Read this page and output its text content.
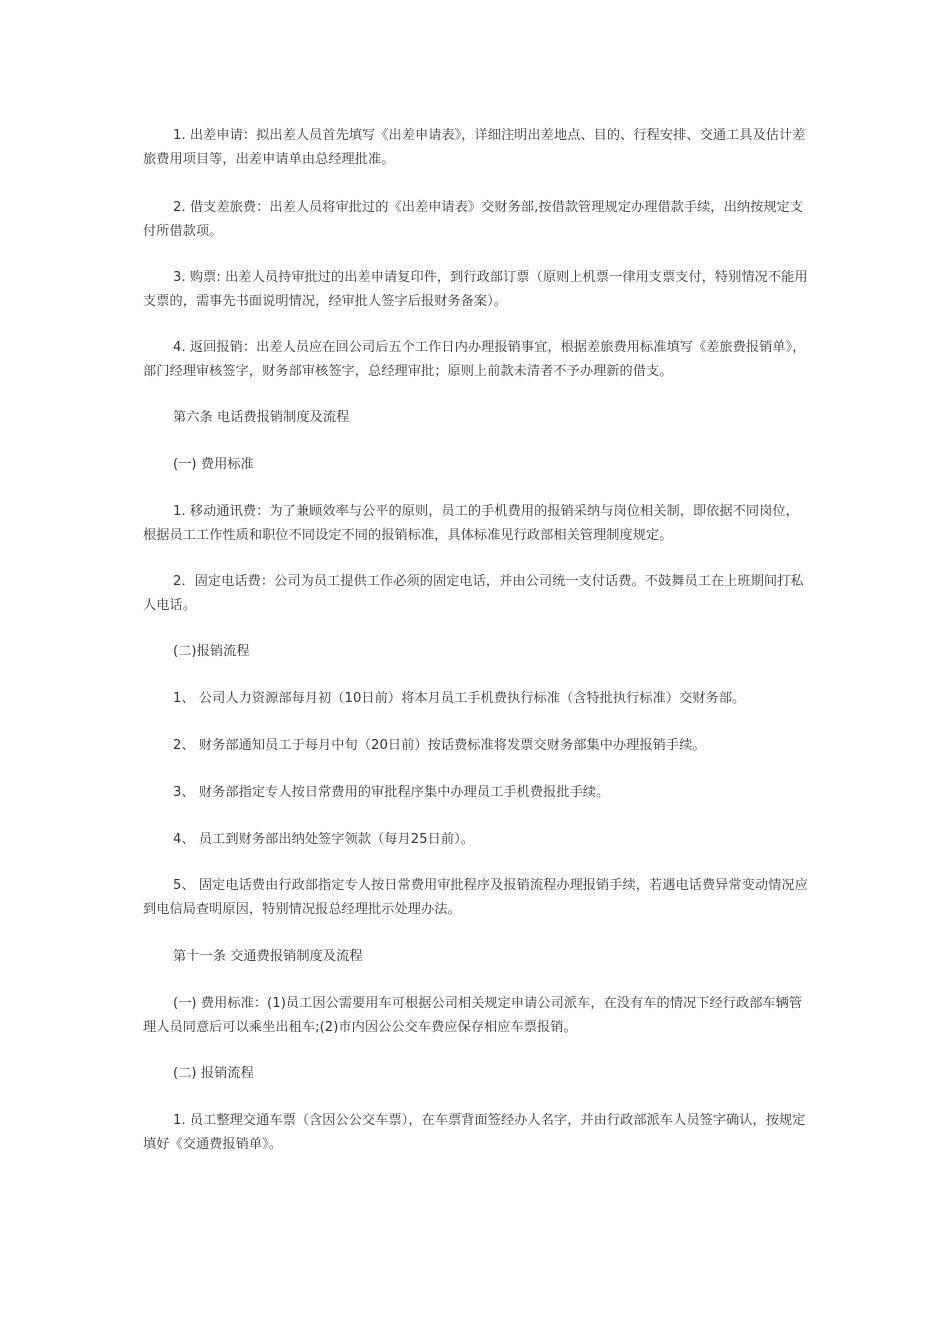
1. 出差申请：拟出差人员首先填写《出差申请表》，详细注明出差地点、目的、行程安排、交通工具及估计差旅费用项目等，出差申请单由总经理批准。

2. 借支差旅费：出差人员将审批过的《出差申请表》交财务部,按借款管理规定办理借款手续，出纳按规定支付所借款项。

3. 购票: 出差人员持审批过的出差申请复印件，到行政部订票（原则上机票一律用支票支付，特别情况不能用支票的，需事先书面说明情况，经审批人签字后报财务备案）。

4. 返回报销：出差人员应在回公司后五个工作日内办理报销事宜，根据差旅费用标准填写《差旅费报销单》，部门经理审核签字，财务部审核签字，总经理审批；原则上前款未清者不予办理新的借支。

第六条 电话费报销制度及流程

(一) 费用标准

1. 移动通讯费：为了兼顾效率与公平的原则，员工的手机费用的报销采纳与岗位相关制，即依据不同岗位，根据员工工作性质和职位不同设定不同的报销标准，具体标准见行政部相关管理制度规定。

2．固定电话费：公司为员工提供工作必须的固定电话，并由公司统一支付话费。不鼓舞员工在上班期间打私人电话。

(二)报销流程

1、 公司人力资源部每月初（10日前）将本月员工手机费执行标准（含特批执行标准）交财务部。

2、 财务部通知员工于每月中旬（20日前）按话费标准将发票交财务部集中办理报销手续。

3、 财务部指定专人按日常费用的审批程序集中办理员工手机费报批手续。

4、 员工到财务部出纳处签字领款（每月25日前）。

5、 固定电话费由行政部指定专人按日常费用审批程序及报销流程办理报销手续，若遇电话费异常变动情况应到电信局查明原因，特别情况报总经理批示处理办法。

第十一条 交通费报销制度及流程

(一) 费用标准：(1)员工因公需要用车可根据公司相关规定申请公司派车，在没有车的情况下经行政部车辆管理人员同意后可以乘坐出租车;(2)市内因公公交车费应保存相应车票报销。

(二) 报销流程

1. 员工整理交通车票（含因公公交车票），在车票背面签经办人名字，并由行政部派车人员签字确认，按规定填好《交通费报销单》。
